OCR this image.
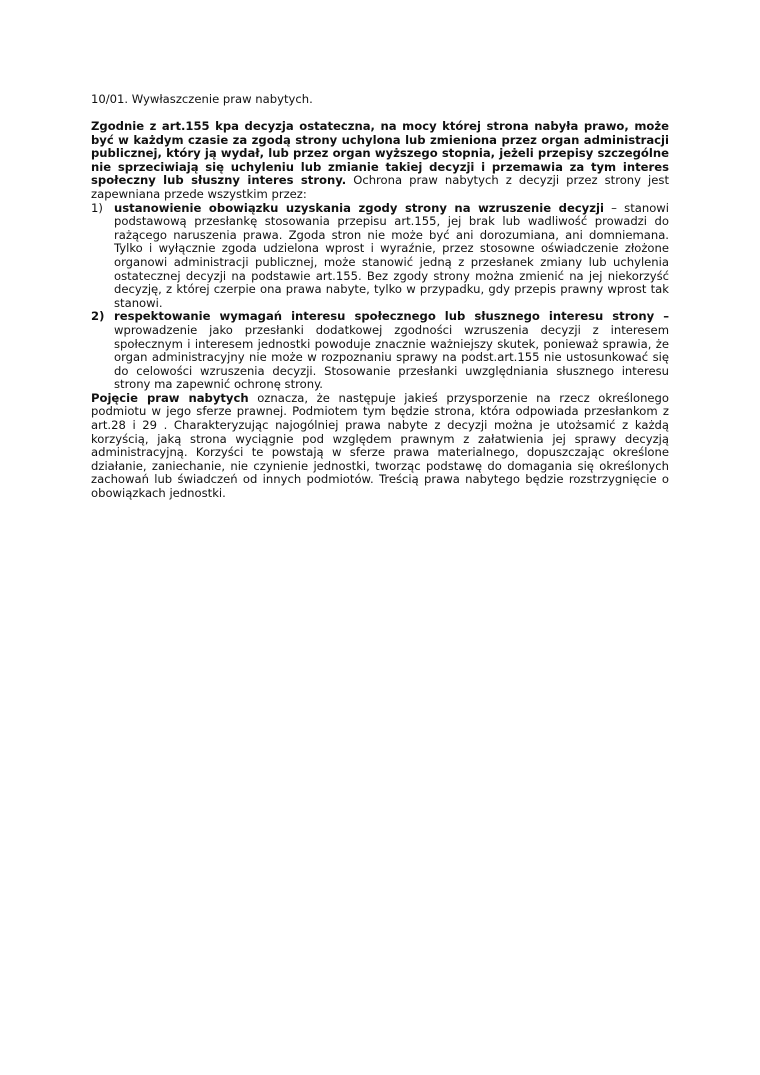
10/01. Wywłaszczenie praw nabytych.

Zgodnie z art.155 kpa decyzja ostateczna, na mocy której strona nabyła prawo, może być w każdym czasie za zgodą strony uchylona lub zmieniona przez organ administracji publicznej, który ją wydał, lub przez organ wyższego stopnia, jeżeli przepisy szczególne nie sprzeciwiają się uchyleniu lub zmianie takiej decyzji i przemawia za tym interes społeczny lub słuszny interes strony. Ochrona praw nabytych z decyzji przez strony jest zapewniana przede wszystkim przez:

1) ustanowienie obowiązku uzyskania zgody strony na wzruszenie decyzji – stanowi podstawową przesłankę stosowania przepisu art.155, jej brak lub wadliwość prowadzi do rażącego naruszenia prawa. Zgoda stron nie może być ani dorozumiana, ani domniemana. Tylko i wyłącznie zgoda udzielona wprost i wyraźnie, przez stosowne oświadczenie złożone organowi administracji publicznej, może stanowić jedną z przesłanek zmiany lub uchylenia ostatecznej decyzji na podstawie art.155. Bez zgody strony można zmienić na jej niekorzyść decyzję, z której czerpie ona prawa nabyte, tylko w przypadku, gdy przepis prawny wprost tak stanowi.
2) respektowanie wymagań interesu społecznego lub słusznego interesu strony – wprowadzenie jako przesłanki dodatkowej zgodności wzruszenia decyzji z interesem społecznym i interesem jednostki powoduje znacznie ważniejszy skutek, ponieważ sprawia, że organ administracyjny nie może w rozpoznaniu sprawy na podst.art.155 nie ustosunkować się do celowości wzruszenia decyzji. Stosowanie przesłanki uwzględniania słusznego interesu strony ma zapewnić ochronę strony.

Pojęcie praw nabytych oznacza, że następuje jakieś przysporzenie na rzecz określonego podmiotu w jego sferze prawnej. Podmiotem tym będzie strona, która odpowiada przesłankom z art.28 i 29 . Charakteryzując najogólniej prawa nabyte z decyzji można je utożsamić z każdą korzyścią, jaką strona wyciągnie pod względem prawnym z załatwienia jej sprawy decyzją administracyjną. Korzyści te powstają w sferze prawa materialnego, dopuszczając określone działanie, zaniechanie, nie czynienie jednostki, tworząc podstawę do domagania się określonych zachowań lub świadczeń od innych podmiotów. Treścią prawa nabytego będzie rozstrzygnięcie o obowiązkach jednostki.
